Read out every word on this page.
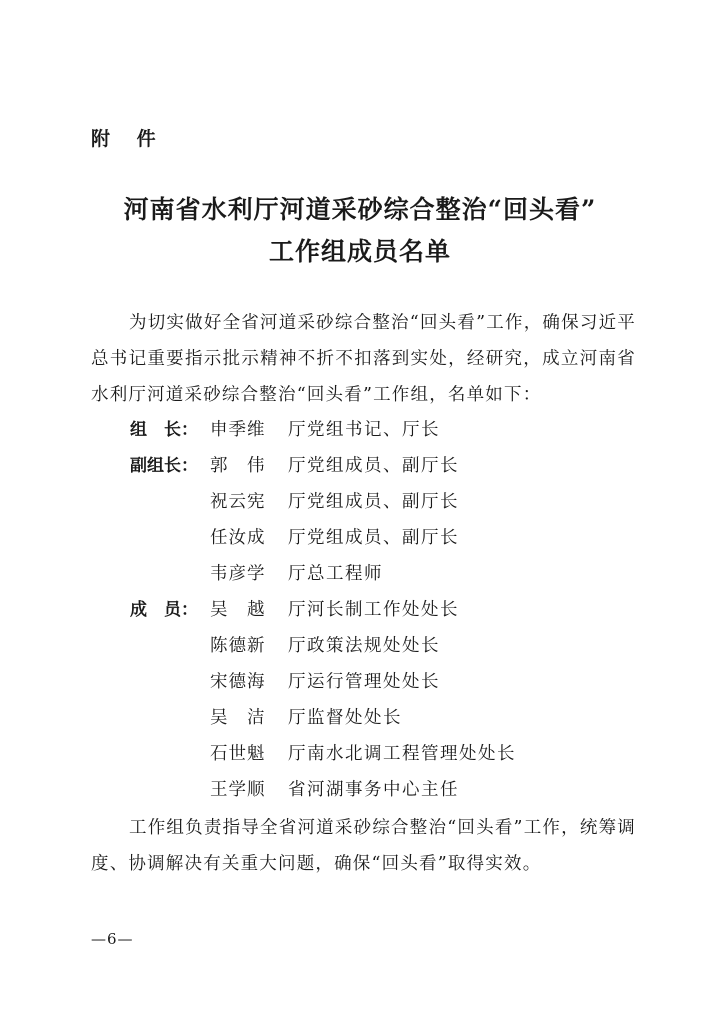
附 件
河南省水利厅河道采砂综合整治“回头看”
工作组成员名单
为切实做好全省河道采砂综合整治“回头看”工作，确保习近平总书记重要指示批示精神不折不扣落到实处，经研究，成立河南省水利厅河道采砂综合整治“回头看”工作组，名单如下：
组　长： 申季维	厅党组书记、厅长
副组长： 郭　伟	厅党组成员、副厅长
祝云宪	厅党组成员、副厅长
任汝成	厅党组成员、副厅长
韦彦学	厅总工程师
成　员： 吴　越	厅河长制工作处处长
陈德新	厅政策法规处处长
宋德海	厅运行管理处处长
吴　洁	厅监督处处长
石世魁	厅南水北调工程管理处处长
王学顺	省河湖事务中心主任
工作组负责指导全省河道采砂综合整治“回头看”工作，统筹调度、协调解决有关重大问题，确保“回头看”取得实效。
—6—
